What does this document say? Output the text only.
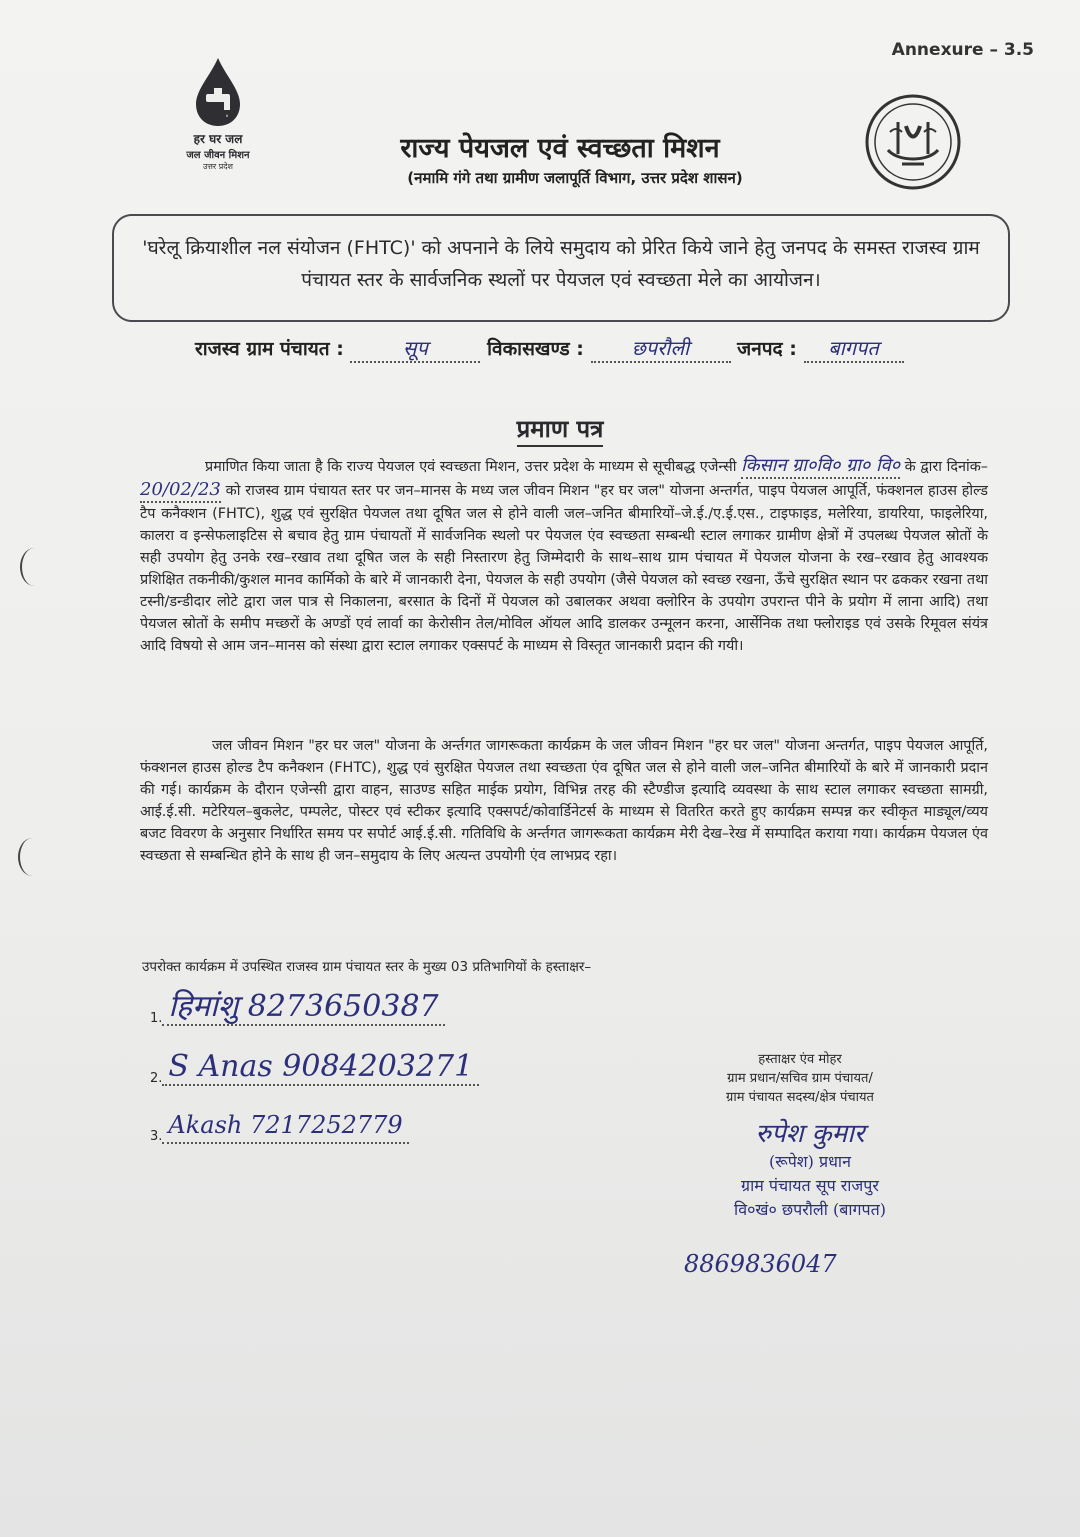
Annexure – 3.5
हर घर जल
जल जीवन मिशन
उत्तर प्रदेश
राज्य पेयजल एवं स्वच्छता मिशन
(नमामि गंगे तथा ग्रामीण जलापूर्ति विभाग, उत्तर प्रदेश शासन)
'घरेलू क्रियाशील नल संयोजन (FHTC)' को अपनाने के लिये समुदाय को प्रेरित किये जाने हेतु जनपद के समस्त राजस्व ग्राम पंचायत स्तर के सार्वजनिक स्थलों पर पेयजल एवं स्वच्छता मेले का आयोजन।
राजस्व ग्राम पंचायत :	सूप	विकासखण्ड : छपरौली	जनपद : बागपत
प्रमाण पत्र
प्रमाणित किया जाता है कि राज्य पेयजल एवं स्वच्छता मिशन, उत्तर प्रदेश के माध्यम से सूचीबद्ध एजेन्सी किसान ग्रा०वि० ग्रा० वि० के द्वारा दिनांक–20/02/23 को राजस्व ग्राम पंचायत स्तर पर जन–मानस के मध्य जल जीवन मिशन "हर घर जल" योजना अन्तर्गत, पाइप पेयजल आपूर्ति, फंक्शनल हाउस होल्ड टैप कनैक्शन (FHTC), शुद्ध एवं सुरक्षित पेयजल तथा दूषित जल से होने वाली जल–जनित बीमारियों–जे.ई./ए.ई.एस., टाइफाइड, मलेरिया, डायरिया, फाइलेरिया, कालरा व इन्सेफलाइटिस से बचाव हेतु ग्राम पंचायतों में सार्वजनिक स्थलो पर पेयजल एंव स्वच्छता सम्बन्धी स्टाल लगाकर ग्रामीण क्षेत्रों में उपलब्ध पेयजल स्रोतों के सही उपयोग हेतु उनके रख–रखाव तथा दूषित जल के सही निस्तारण हेतु जिम्मेदारी के साथ–साथ ग्राम पंचायत में पेयजल योजना के रख–रखाव हेतु आवश्यक प्रशिक्षित तकनीकी/कुशल मानव कार्मिको के बारे में जानकारी देना, पेयजल के सही उपयोग (जैसे पेयजल को स्वच्छ रखना, ऊँचे सुरक्षित स्थान पर ढककर रखना तथा टस्नी/डन्डीदार लोटे द्वारा जल पात्र से निकालना, बरसात के दिनों में पेयजल को उबालकर अथवा क्लोरिन के उपयोग उपरान्त पीने के प्रयोग में लाना आदि) तथा पेयजल स्रोतों के समीप मच्छरों के अण्डों एवं लार्वा का केरोसीन तेल/मोविल ऑयल आदि डालकर उन्मूलन करना, आर्सेनिक तथा फ्लोराइड एवं उसके रिमूवल संयंत्र आदि विषयो से आम जन–मानस को संस्था द्वारा स्टाल लगाकर एक्सपर्ट के माध्यम से विस्तृत जानकारी प्रदान की गयी।
जल जीवन मिशन "हर घर जल" योजना के अर्न्तगत जागरूकता कार्यक्रम के जल जीवन मिशन "हर घर जल" योजना अन्तर्गत, पाइप पेयजल आपूर्ति, फंक्शनल हाउस होल्ड टैप कनैक्शन (FHTC), शुद्ध एवं सुरक्षित पेयजल तथा स्वच्छता एंव दूषित जल से होने वाली जल–जनित बीमारियों के बारे में जानकारी प्रदान की गई। कार्यक्रम के दौरान एजेन्सी द्वारा वाहन, साउण्ड सहित माईक प्रयोग, विभिन्न तरह की स्टैण्डीज इत्यादि व्यवस्था के साथ स्टाल लगाकर स्वच्छता सामग्री, आई.ई.सी. मटेरियल–बुकलेट, पम्पलेट, पोस्टर एवं स्टीकर इत्यादि एक्सपर्ट/कोवार्डिनेटर्स के माध्यम से वितरित करते हुए कार्यक्रम सम्पन्न कर स्वीकृत माड्यूल/व्यय बजट विवरण के अनुसार निर्धारित समय पर सपोर्ट आई.ई.सी. गतिविधि के अर्न्तगत जागरूकता कार्यक्रम मेरी देख–रेख में सम्पादित कराया गया। कार्यक्रम पेयजल एंव स्वच्छता से सम्बन्धित होने के साथ ही जन–समुदाय के लिए अत्यन्त उपयोगी एंव लाभप्रद रहा।
उपरोक्त कार्यक्रम में उपस्थित राजस्व ग्राम पंचायत स्तर के मुख्य 03 प्रतिभागियों के हस्ताक्षर–
1. हिमांशु 8273650387
2. S Anas 9084203271
3. Akash 7217252779
हस्ताक्षर एंव मोहर
ग्राम प्रधान/सचिव ग्राम पंचायत/
ग्राम पंचायत सदस्य/क्षेत्र पंचायत
रुपेश कुमार
(रूपेश) प्रधान
ग्राम पंचायत सूप राजपुर
वि०खं० छपरौली (बागपत)
8869836047
